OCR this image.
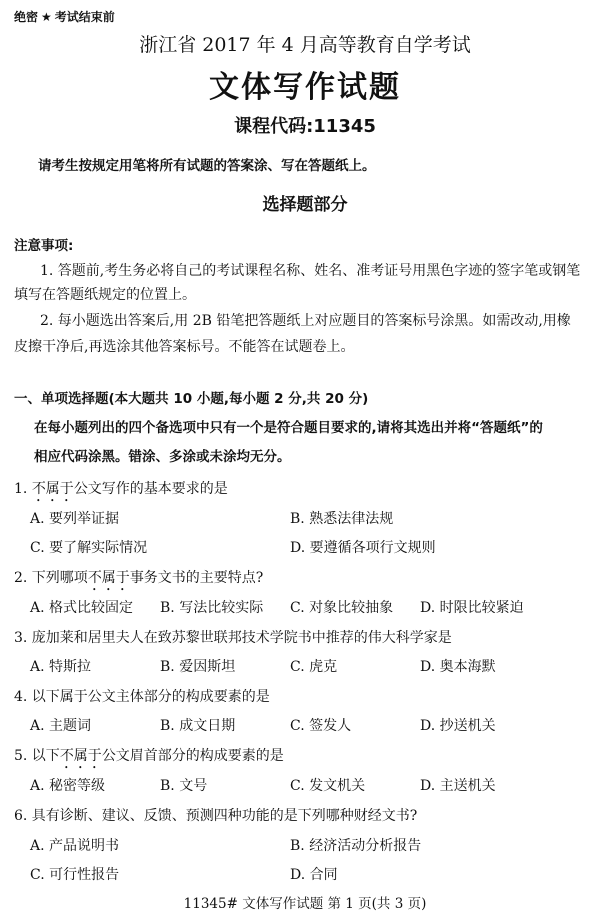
绝密 ★ 考试结束前
浙江省 2017 年 4 月高等教育自学考试
文体写作试题
课程代码:11345
请考生按规定用笔将所有试题的答案涂、写在答题纸上。
选择题部分
注意事项:
1. 答题前,考生务必将自己的考试课程名称、姓名、准考证号用黑色字迹的签字笔或钢笔
填写在答题纸规定的位置上。
2. 每小题选出答案后,用 2B 铅笔把答题纸上对应题目的答案标号涂黑。如需改动,用橡
皮擦干净后,再选涂其他答案标号。不能答在试题卷上。
一、单项选择题(本大题共 10 小题,每小题 2 分,共 20 分)
在每小题列出的四个备选项中只有一个是符合题目要求的,请将其选出并将“答题纸”的
相应代码涂黑。错涂、多涂或未涂均无分。
1. 不属于公文写作的基本要求的是
A. 要列举证据	B. 熟悉法律法规
C. 要了解实际情况	D. 要遵循各项行文规则
2. 下列哪项不属于事务文书的主要特点?
A. 格式比较固定 B. 写法比较实际 C. 对象比较抽象 D. 时限比较紧迫
3. 庞加莱和居里夫人在致苏黎世联邦技术学院书中推荐的伟大科学家是
A. 特斯拉	B. 爱因斯坦	C. 虎克	D. 奥本海默
4. 以下属于公文主体部分的构成要素的是
A. 主题词	B. 成文日期	C. 签发人	D. 抄送机关
5. 以下不属于公文眉首部分的构成要素的是
A. 秘密等级	B. 文号	C. 发文机关	D. 主送机关
6. 具有诊断、建议、反馈、预测四种功能的是下列哪种财经文书?
A. 产品说明书	B. 经济活动分析报告
C. 可行性报告	D. 合同
11345# 文体写作试题 第 1 页(共 3 页)
